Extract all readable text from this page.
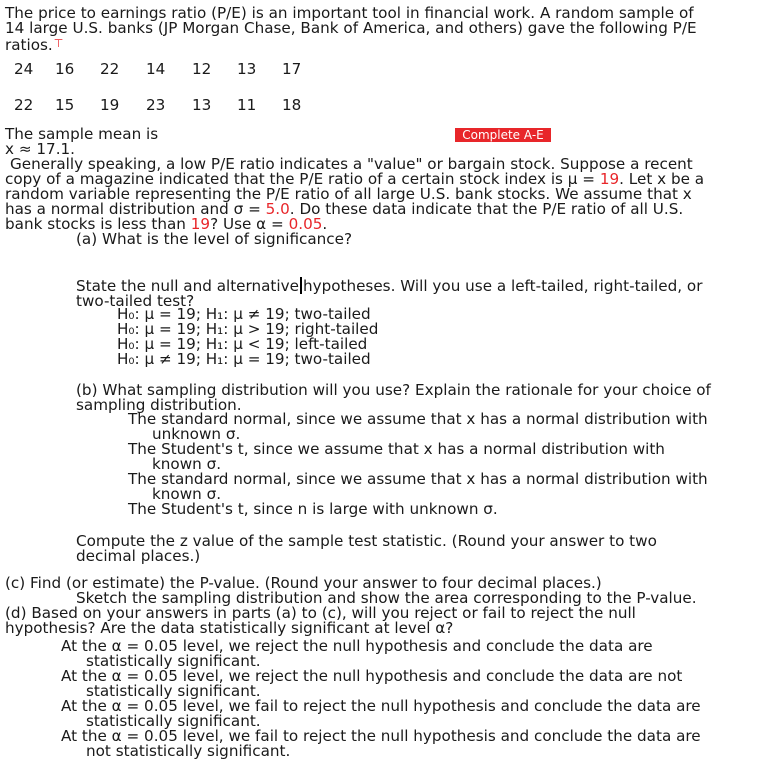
The price to earnings ratio (P/E) is an important tool in financial work. A random sample of
14 large U.S. banks (JP Morgan Chase, Bank of America, and others) gave the following P/E
ratios.⊤
24 16 22 14 12 13 17
22 15 19 23 13 11 18
The sample mean is
x ≈ 17.1.
Complete A-E
Generally speaking, a low P/E ratio indicates a "value" or bargain stock. Suppose a recent
copy of a magazine indicated that the P/E ratio of a certain stock index is μ = 19. Let x be a
random variable representing the P/E ratio of all large U.S. bank stocks. We assume that x
has a normal distribution and σ = 5.0. Do these data indicate that the P/E ratio of all U.S.
bank stocks is less than 19? Use α = 0.05.
(a) What is the level of significance?
State the null and alternative hypotheses. Will you use a left-tailed, right-tailed, or
two-tailed test?
H₀: μ = 19; H₁: μ ≠ 19; two-tailed
H₀: μ = 19; H₁: μ > 19; right-tailed
H₀: μ = 19; H₁: μ < 19; left-tailed
H₀: μ ≠ 19; H₁: μ = 19; two-tailed
(b) What sampling distribution will you use? Explain the rationale for your choice of
sampling distribution.
The standard normal, since we assume that x has a normal distribution with
unknown σ.
The Student's t, since we assume that x has a normal distribution with
known σ.
The standard normal, since we assume that x has a normal distribution with
known σ.
The Student's t, since n is large with unknown σ.
Compute the z value of the sample test statistic. (Round your answer to two
decimal places.)
(c) Find (or estimate) the P-value. (Round your answer to four decimal places.)
Sketch the sampling distribution and show the area corresponding to the P-value.
(d) Based on your answers in parts (a) to (c), will you reject or fail to reject the null
hypothesis? Are the data statistically significant at level α?
At the α = 0.05 level, we reject the null hypothesis and conclude the data are
statistically significant.
At the α = 0.05 level, we reject the null hypothesis and conclude the data are not
statistically significant.
At the α = 0.05 level, we fail to reject the null hypothesis and conclude the data are
statistically significant.
At the α = 0.05 level, we fail to reject the null hypothesis and conclude the data are
not statistically significant.
